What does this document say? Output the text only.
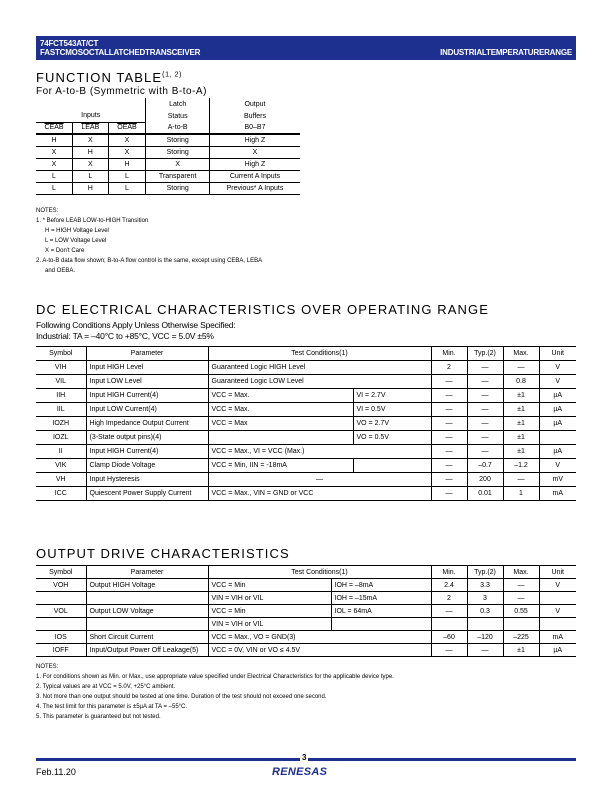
74FCT543AT/CT
FASTCMOSOCTALLATCHEDTRANSCEIVER	INDUSTRIALTEMPERATURERANGE
FUNCTION TABLE$^{(1, 2)}$
For A-to-B (Symmetric with B-to-A)
			Latch	Output
Inputs			Status	Buffers
CEAB	LEAB	OEAB	A-to-B	B0–B7
H	X	X	Storing	High Z
X	H	X	Storing	X
X	X	H	X	High Z
L	L	L	Transparent	Current A Inputs
L	H	L	Storing	Previous* A Inputs
NOTES:
1. * Before LEAB LOW-to-HIGH Transition
H = HIGH Voltage Level
L = LOW Voltage Level
X = Don't Care
2. A-to-B data flow shown; B-to-A flow control is the same, except using CEBA, LEBA
and OEBA.
DC ELECTRICAL CHARACTERISTICS OVER OPERATING RANGE
Following Conditions Apply Unless Otherwise Specified:
Industrial: TA = –40°C to +85°C, VCC = 5.0V ±5%
Symbol	Parameter	Test Conditions(1)		Min.	Typ.(2)	Max.	Unit
VIH	Input HIGH Level	Guaranteed Logic HIGH Level		2	—	—	V
VIL	Input LOW Level	Guaranteed Logic LOW Level		—	—	0.8	V
IIH	Input HIGH Current(4)	VCC = Max.	VI = 2.7V	—	—	±1	µA
IIL	Input LOW Current(4)	VCC = Max.	VI = 0.5V	—	—	±1	µA
IOZH	High Impedance Output Current	VCC = Max	VO = 2.7V	—	—	±1	µA
IOZL	(3-State output pins)(4)		VO = 0.5V	—	—	±1	
II	Input HIGH Current(4)	VCC = Max., VI = VCC (Max.)		—	—	±1	µA
VIK	Clamp Diode Voltage	VCC = Min, IIN = -18mA		—	–0.7	–1.2	V
VH	Input Hysteresis	—		—	200	—	mV
ICC	Quiescent Power Supply Current	VCC = Max., VIN = GND or VCC		—	0.01	1	mA
OUTPUT DRIVE CHARACTERISTICS
Symbol	Parameter	Test Conditions(1)		Min.	Typ.(2)	Max.	Unit
VOH	Output HIGH Voltage	VCC = Min	IOH = –8mA	2.4	3.3	—	V
		VIN = VIH or VIL	IOH = –15mA	2	3	—	
VOL	Output LOW Voltage	VCC = Min	IOL = 64mA	—	0.3	0.55	V
		VIN = VIH or VIL					
IOS	Short Circuit Current	VCC = Max., VO = GND(3)		–60	–120	–225	mA
IOFF	Input/Output Power Off Leakage(5)	VCC = 0V, VIN or VO ≤ 4.5V		—	—	±1	µA
NOTES:
1. For conditions shown as Min. or Max., use appropriate value specified under Electrical Characteristics for the applicable device type.
2. Typical values are at VCC = 5.0V, +25°C ambient.
3. Not more than one output should be tested at one time. Duration of the test should not exceed one second.
4. The test limit for this parameter is ±5µA at TA = –55°C.
5. This parameter is guaranteed but not tested.
3
Feb.11.20	RENESAS
